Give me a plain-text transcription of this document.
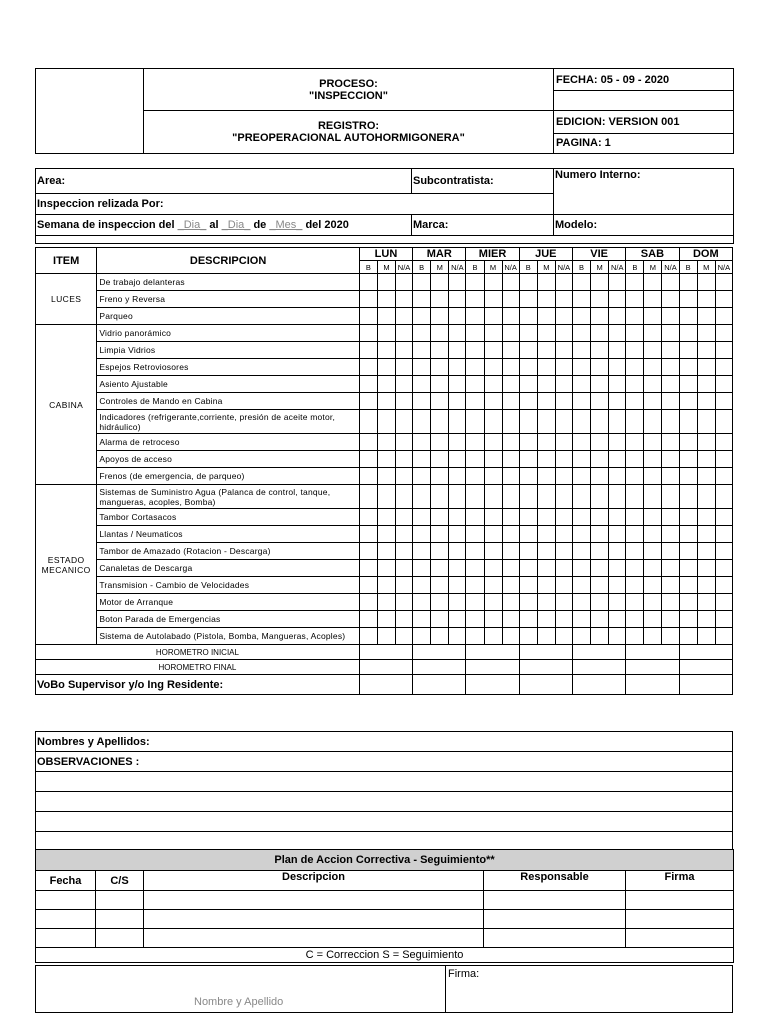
	PROCESO:
"INSPECCION"	FECHA: 05 - 09 - 2020

	REGISTRO:
"PREOPERACIONAL AUTOHORMIGONERA"	EDICION: VERSION 001
		PAGINA: 1
Area:	Subcontratista:	Numero Interno:
Inspeccion relizada Por:		
Semana de inspeccion del _Dia_ al _Dia_ de _Mes_ del 2020	Marca:	Modelo:

ITEM	DESCRIPCION	LUN			MAR			MIER			JUE			VIE			SAB			DOM		
		B	M	N/A	B	M	N/A	B	M	N/A	B	M	N/A	B	M	N/A	B	M	N/A	B	M	N/A
LUCES	De trabajo delanteras																					
	Freno y Reversa																					
	Parqueo																					
CABINA	Vidrio panorámico																					
	Limpia Vidrios																					
	Espejos Retroviosores																					
	Asiento Ajustable																					
	Controles de Mando en Cabina																					
	Indicadores (refrigerante,corriente, presión de aceite motor, hidráulico)																					
	Alarma de retroceso																					
	Apoyos de acceso																					
	Frenos (de emergencia, de parqueo)																					
ESTADO MECANICO	Sistemas de Suministro Agua (Palanca de control, tanque, mangueras, acoples, Bomba)																					
	Tambor Cortasacos																					
	Llantas / Neumaticos																					
	Tambor de Amazado (Rotacion - Descarga)																					
	Canaletas de Descarga																					
	Transmision - Cambio de Velocidades																					
	Motor de Arranque																					
	Boton Parada de Emergencias																					
	Sistema de Autolabado (Pistola, Bomba, Mangueras, Acoples)																					
HOROMETRO INICIAL																						
HOROMETRO FINAL																						
VoBo Supervisor y/o Ing Residente:																						
Nombres y Apellidos:
OBSERVACIONES :

Plan de Accion Correctiva - Seguimiento**				
Fecha	C/S	Descripcion	Responsable	Firma

C = Correccion S = Seguimiento				
Firma:
Nombre y Apellido
